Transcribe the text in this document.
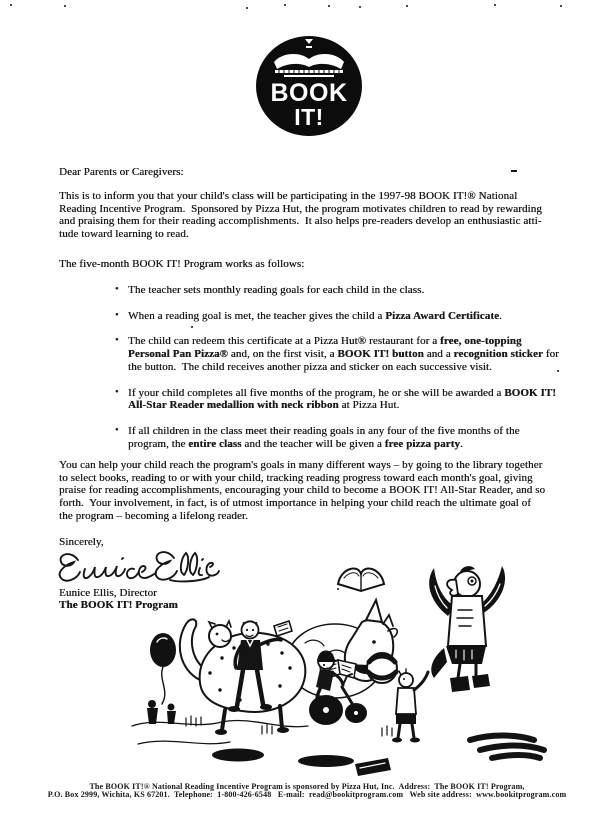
BOOK
IT!
Dear Parents or Caregivers:
This is to inform you that your child's class will be participating in the 1997-98 BOOK IT!® National
Reading Incentive Program.  Sponsored by Pizza Hut, the program motivates children to read by rewarding
and praising them for their reading accomplishments.  It also helps pre-readers develop an enthusiastic atti-
tude toward learning to read.
The five-month BOOK IT! Program works as follows:
• The teacher sets monthly reading goals for each child in the class.
• When a reading goal is met, the teacher gives the child a Pizza Award Certificate.
• The child can redeem this certificate at a Pizza Hut® restaurant for a free, one-topping Personal Pan Pizza® and, on the first visit, a BOOK IT! button and a recognition sticker for the button.  The child receives another pizza and sticker on each successive visit.
• If your child completes all five months of the program, he or she will be awarded a BOOK IT! All-Star Reader medallion with neck ribbon at Pizza Hut.
• If all children in the class meet their reading goals in any four of the five months of the program, the entire class and the teacher will be given a free pizza party.
You can help your child reach the program's goals in many different ways – by going to the library together
to select books, reading to or with your child, tracking reading progress toward each month's goal, giving
praise for reading accomplishments, encouraging your child to become a BOOK IT! All-Star Reader, and so
forth.  Your involvement, in fact, is of utmost importance in helping your child reach the ultimate goal of
the program – becoming a lifelong reader.
Sincerely,
Eunice Ellis, Director
The BOOK IT! Program
The BOOK IT!® National Reading Incentive Program is sponsored by Pizza Hut, Inc.  Address:  The BOOK IT! Program,
P.O. Box 2999, Wichita, KS 67201.  Telephone:  1-800-426-6548   E-mail:  read@bookitprogram.com   Web site address:  www.bookitprogram.com
